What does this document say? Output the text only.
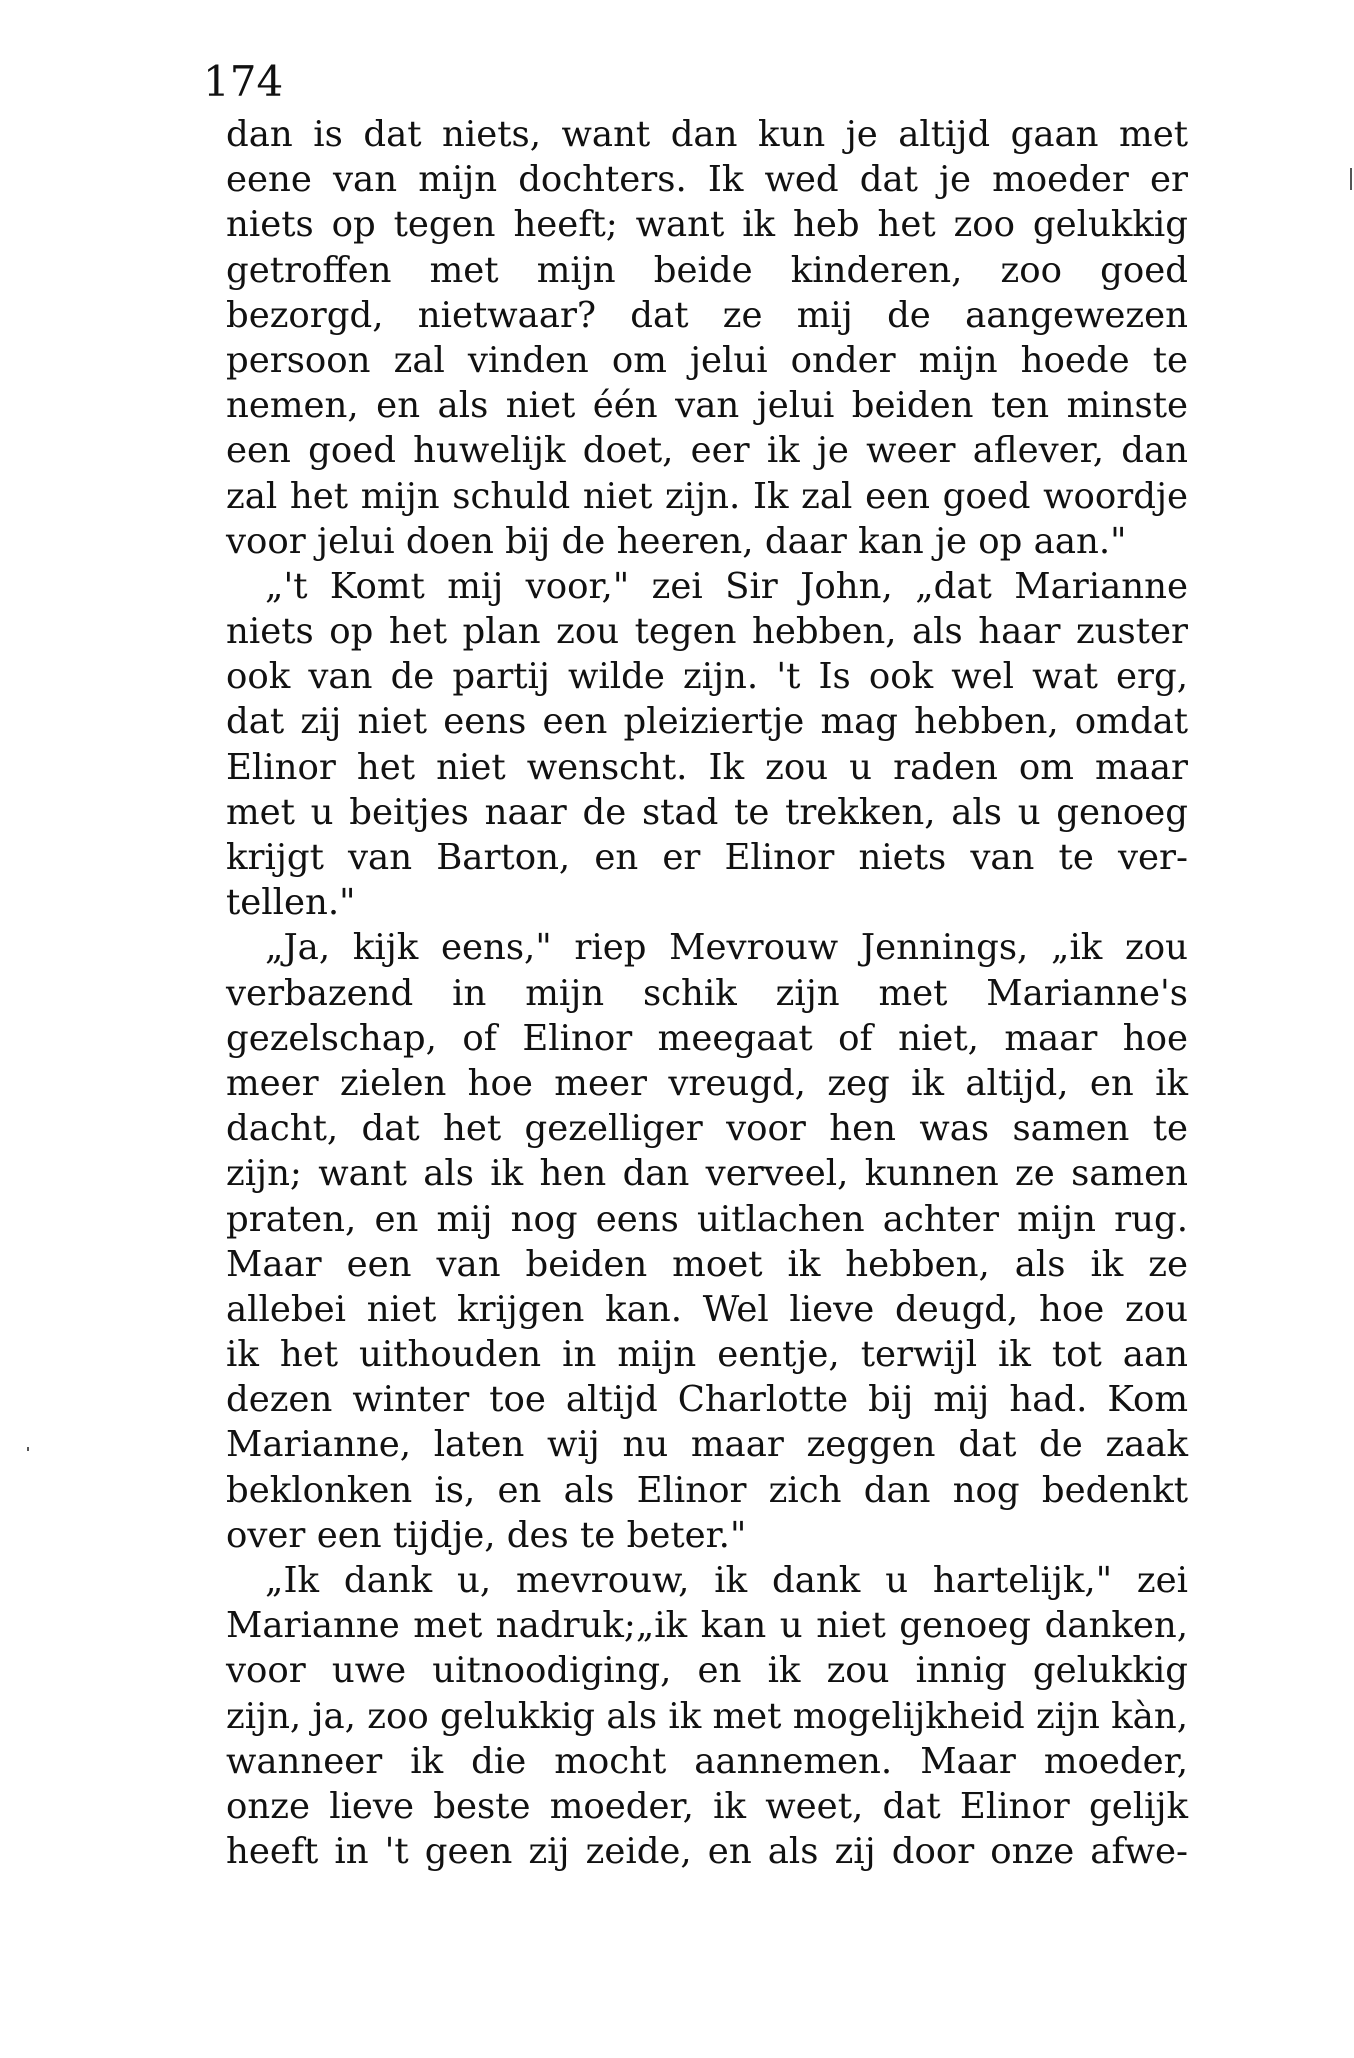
174
dan is dat niets, want dan kun je altijd gaan met
eene van mijn dochters. Ik wed dat je moeder er
niets op tegen heeft; want ik heb het zoo gelukkig
getroffen met mijn beide kinderen, zoo goed
bezorgd, nietwaar? dat ze mij de aangewezen
persoon zal vinden om jelui onder mijn hoede te
nemen, en als niet één van jelui beiden ten minste
een goed huwelijk doet, eer ik je weer aflever, dan
zal het mijn schuld niet zijn. Ik zal een goed woordje
voor jelui doen bij de heeren, daar kan je op aan."
„'t Komt mij voor," zei Sir John, „dat Marianne
niets op het plan zou tegen hebben, als haar zuster
ook van de partij wilde zijn. 't Is ook wel wat erg,
dat zij niet eens een pleiziertje mag hebben, omdat
Elinor het niet wenscht. Ik zou u raden om maar
met u beitjes naar de stad te trekken, als u genoeg
krijgt van Barton, en er Elinor niets van te ver-
tellen."
„Ja, kijk eens," riep Mevrouw Jennings, „ik zou
verbazend in mijn schik zijn met Marianne's
gezelschap, of Elinor meegaat of niet, maar hoe
meer zielen hoe meer vreugd, zeg ik altijd, en ik
dacht, dat het gezelliger voor hen was samen te
zijn; want als ik hen dan verveel, kunnen ze samen
praten, en mij nog eens uitlachen achter mijn rug.
Maar een van beiden moet ik hebben, als ik ze
allebei niet krijgen kan. Wel lieve deugd, hoe zou
ik het uithouden in mijn eentje, terwijl ik tot aan
dezen winter toe altijd Charlotte bij mij had. Kom
Marianne, laten wij nu maar zeggen dat de zaak
beklonken is, en als Elinor zich dan nog bedenkt
over een tijdje, des te beter."
„Ik dank u, mevrouw, ik dank u hartelijk," zei
Marianne met nadruk;„ik kan u niet genoeg danken,
voor uwe uitnoodiging, en ik zou innig gelukkig
zijn, ja, zoo gelukkig als ik met mogelijkheid zijn kàn,
wanneer ik die mocht aannemen. Maar moeder,
onze lieve beste moeder, ik weet, dat Elinor gelijk
heeft in 't geen zij zeide, en als zij door onze afwe-
